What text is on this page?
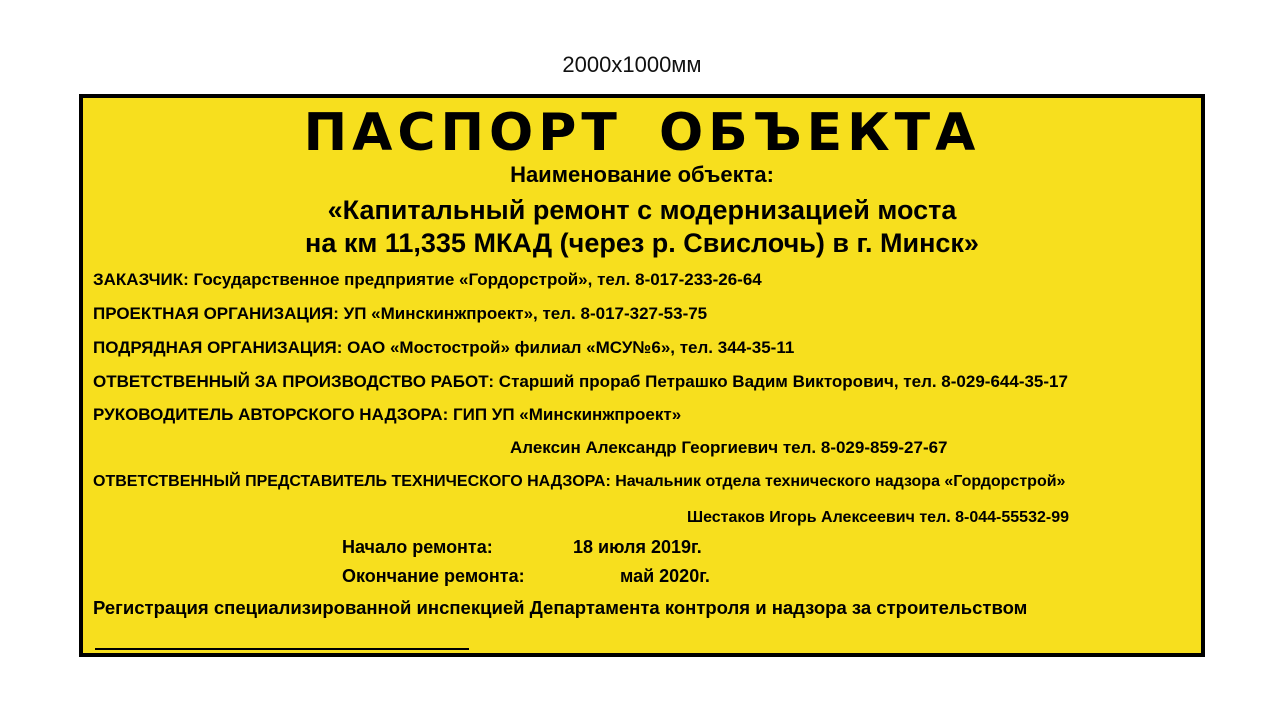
2000x1000мм
ПАСПОРТ ОБЪЕКТА
Наименование объекта:
«Капитальный ремонт с модернизацией моста
на км 11,335 МКАД (через р. Свислочь) в г. Минск»
ЗАКАЗЧИК: Государственное предприятие «Гордорстрой», тел. 8-017-233-26-64
ПРОЕКТНАЯ ОРГАНИЗАЦИЯ: УП «Минскинжпроект», тел. 8-017-327-53-75
ПОДРЯДНАЯ ОРГАНИЗАЦИЯ: ОАО «Мостострой» филиал «МСУ№6», тел. 344-35-11
ОТВЕТСТВЕННЫЙ ЗА ПРОИЗВОДСТВО РАБОТ: Старший прораб Петрашко Вадим Викторович, тел. 8-029-644-35-17
РУКОВОДИТЕЛЬ АВТОРСКОГО НАДЗОРА: ГИП УП «Минскинжпроект»
Алексин Александр Георгиевич тел. 8-029-859-27-67
ОТВЕТСТВЕННЫЙ ПРЕДСТАВИТЕЛЬ ТЕХНИЧЕСКОГО НАДЗОРА: Начальник отдела технического надзора «Гордорстрой»
Шестаков Игорь Алексеевич тел. 8-044-55532-99
Начало ремонта:	18 июля 2019г.
Окончание ремонта:	май 2020г.
Регистрация специализированной инспекцией Департамента контроля и надзора за строительством
